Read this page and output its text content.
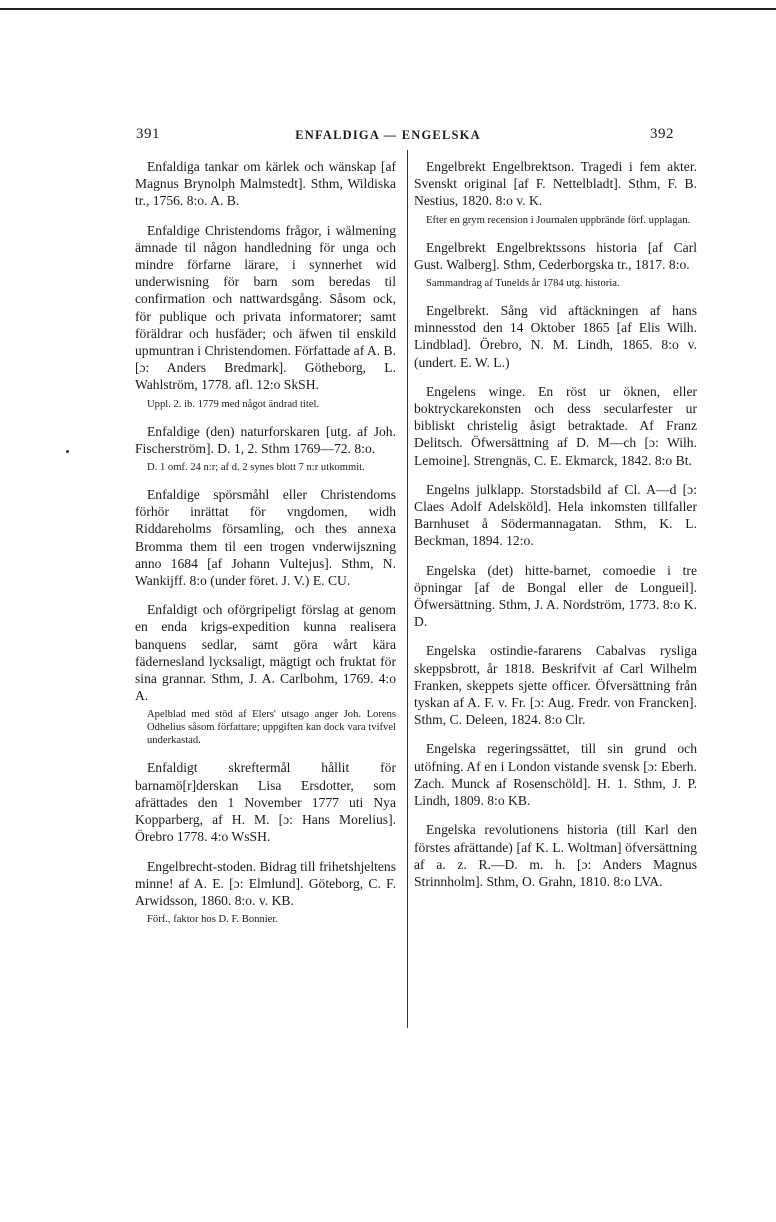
391	ENFALDIGA — ENGELSKA	392

Enfaldiga tankar om kärlek och wänskap [af Magnus Brynolph Malmstedt]. Sthm, Wildiska tr., 1756. 8:o. A. B.

Enfaldige Christendoms frågor, i wälmening ämnade til någon handledning för unga och mindre förfarne lärare, i synnerhet wid underwisning för barn som beredas til confirmation och nattwardsgång. Såsom ock, för publique och privata informatorer; samt föräldrar och husfäder; och äfwen til enskild upmuntran i Christendomen. Författade af A. B. [ɔ: Anders Bredmark]. Götheborg, L. Wahlström, 1778. afl. 12:o SkSH.

Uppl. 2. ib. 1779 med något ändrad titel.

Enfaldige (den) naturforskaren [utg. af Joh. Fischerström]. D. 1, 2. Sthm 1769—72. 8:o.

D. 1 omf. 24 n:r; af d. 2 synes blott 7 n:r utkommit.

Enfaldige spörsmåhl eller Christendoms förhör inrättat för vngdomen, widh Riddareholms församling, och thes annexa Bromma them til een trogen vnderwijszning anno 1684 [af Johann Vultejus]. Sthm, N. Wankijff. 8:o (under föret. J. V.) E. CU.

Enfaldigt och oförgripeligt förslag at genom en enda krigs-expedition kunna realisera banquens sedlar, samt göra wårt kära fädernesland lycksaligt, mägtigt och fruktat för sina grannar. Sthm, J. A. Carlbohm, 1769. 4:o A.

Apelblad med stöd af Elers' utsago anger Joh. Lorens Odhelius såsom författare; uppgiften kan dock vara tvifvel underkastad.

Enfaldigt skreftermål hållit för barnamö[r]derskan Lisa Ersdotter, som afrättades den 1 November 1777 uti Nya Kopparberg, af H. M. [ɔ: Hans Morelius]. Örebro 1778. 4:o WsSH.

Engelbrecht-stoden. Bidrag till frihetshjeltens minne! af A. E. [ɔ: Elmlund]. Göteborg, C. F. Arwidsson, 1860. 8:o. v. KB.

Förf., faktor hos D. F. Bonnier.

Engelbrekt Engelbrektson. Tragedi i fem akter. Svenskt original [af F. Nettelbladt]. Sthm, F. B. Nestius, 1820. 8:o v. K.

Efter en grym recension i Journalen uppbrände förf. upplagan.

Engelbrekt Engelbrektssons historia [af Carl Gust. Walberg]. Sthm, Cederborgska tr., 1817. 8:o.

Sammandrag af Tunelds år 1784 utg. historia.

Engelbrekt. Sång vid aftäckningen af hans minnesstod den 14 Oktober 1865 [af Elis Wilh. Lindblad]. Örebro, N. M. Lindh, 1865. 8:o v. (undert. E. W. L.)

Engelens winge. En röst ur öknen, eller boktryckarekonsten och dess secularfester ur bibliskt christelig åsigt betraktade. Af Franz Delitsch. Öfwersättning af D. M—ch [ɔ: Wilh. Lemoine]. Strengnäs, C. E. Ekmarck, 1842. 8:o Bt.

Engelns julklapp. Storstadsbild af Cl. A—d [ɔ: Claes Adolf Adelsköld]. Hela inkomsten tillfaller Barnhuset å Södermannagatan. Sthm, K. L. Beckman, 1894. 12:o.

Engelska (det) hitte-barnet, comoedie i tre öpningar [af de Bongal eller de Longueil]. Öfwersättning. Sthm, J. A. Nordström, 1773. 8:o K. D.

Engelska ostindie-fararens Cabalvas rysliga skeppsbrott, år 1818. Beskrifvit af Carl Wilhelm Franken, skeppets sjette officer. Öfversättning från tyskan af A. F. v. Fr. [ɔ: Aug. Fredr. von Francken]. Sthm, C. Deleen, 1824. 8:o Clr.

Engelska regeringssättet, till sin grund och utöfning. Af en i London vistande svensk [ɔ: Eberh. Zach. Munck af Rosenschöld]. H. 1. Sthm, J. P. Lindh, 1809. 8:o KB.

Engelska revolutionens historia (till Karl den förstes afrättande) [af K. L. Woltman] öfversättning af a. z. R.—D. m. h. [ɔ: Anders Magnus Strinnholm]. Sthm, O. Grahn, 1810. 8:o LVA.
